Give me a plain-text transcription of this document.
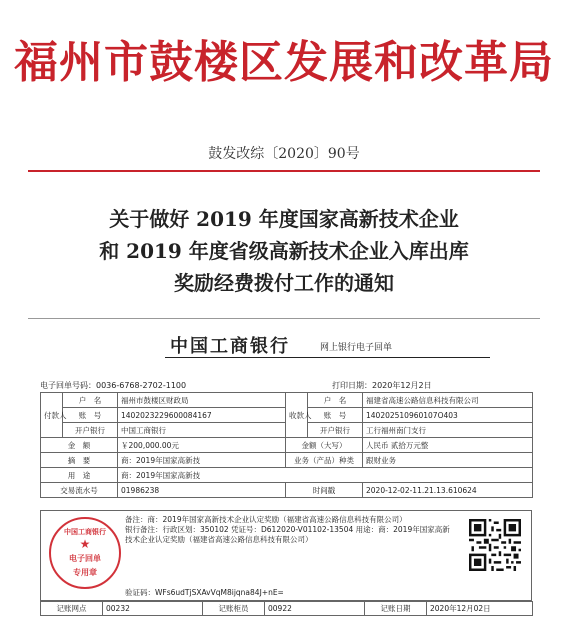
福州市鼓楼区发展和改革局
鼓发改综〔2020〕90号
关于做好 2019 年度国家高新技术企业
和 2019 年度省级高新技术企业入库出库
奖励经费拨付工作的通知
中国工商银行	网上银行电子回单
电子回单号码：0036-6768-2702-1100	打印日期：2020年12月2日
付款人	户　名	福州市鼓楼区财政局	收款人	户　名	福建省高速公路信息科技有限公司
	账　号	1402023229600084167		账　号	140202510960107O403
	开户银行	中国工商银行		开户银行	工行福州南门支行
金　额		￥200,000.00元	金额（大写）		人民币 贰拾万元整
摘　要		商：2019年国家高新技	业务（产品）种类		跟财业务
用　途		商：2019年国家高新技			
交易流水号		01986238	时间戳		2020-12-02-11.21.13.610624
中国工商银行
★
电子回单
专用章
备注：商：2019年国家高新技术企业认定奖励（福建省高速公路信息科技有限公司）
银行备注：行政区划：350102 凭证号：D612020-V01102-13504 用途：商：2019年国家高新技术企业认定奖励（福建省高速公路信息科技有限公司）
验证码：WFs6udTjSXAvVqM8ijqna84J+nE=
记账网点	00232	记账柜员	00922	记账日期	2020年12月02日
